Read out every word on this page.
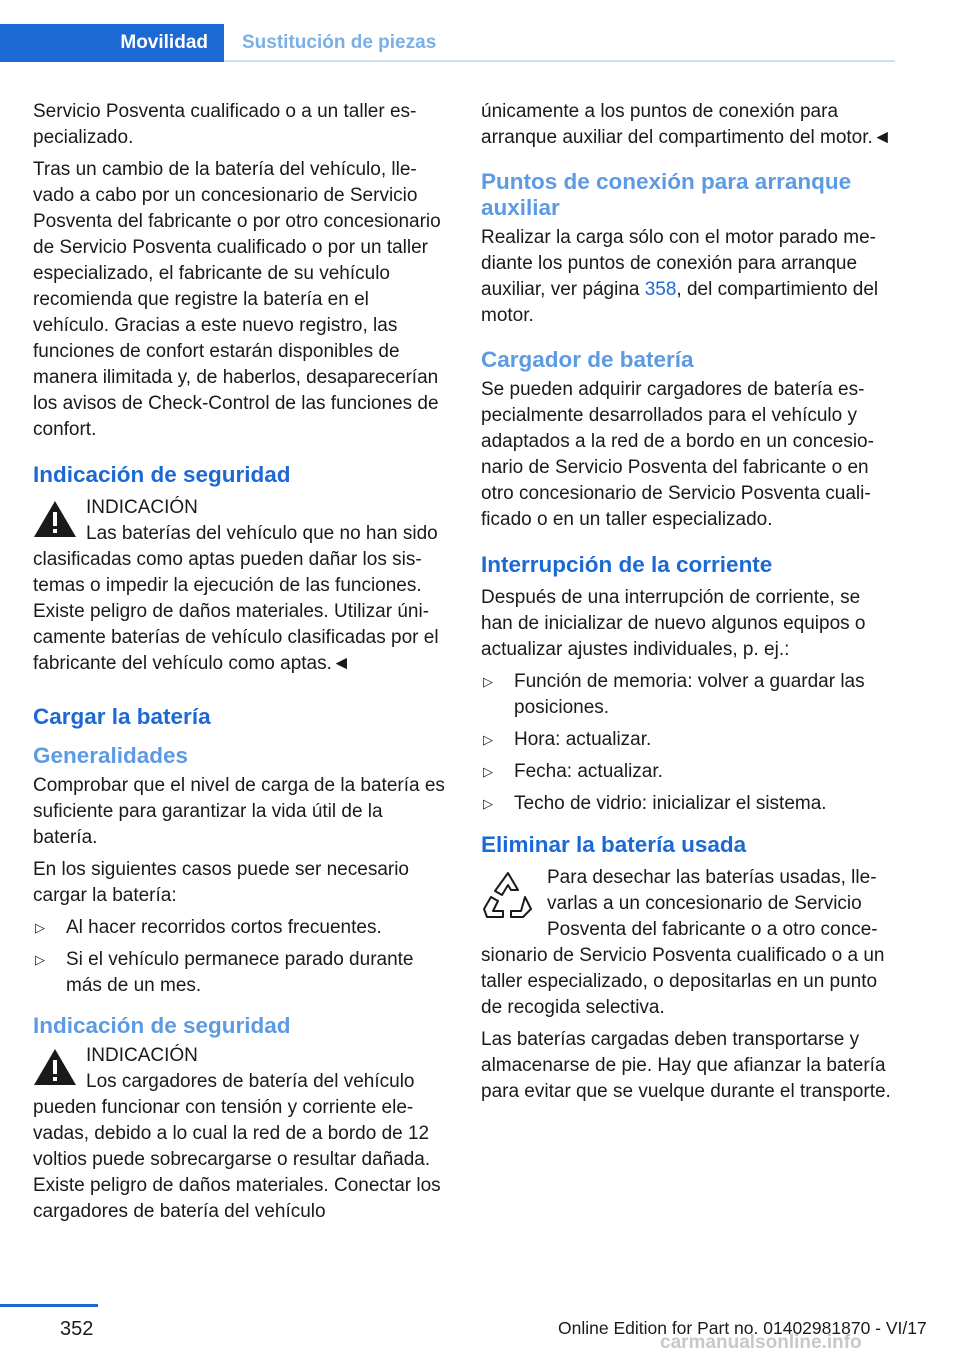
Movilidad	Sustitución de piezas

Servicio Posventa cualificado o a un taller especializado.

Tras un cambio de la batería del vehículo, llevado a cabo por un concesionario de Servicio Posventa del fabricante o por otro concesionario de Servicio Posventa cualificado o por un taller especializado, el fabricante de su vehículo recomienda que registre la batería en el vehículo. Gracias a este nuevo registro, las funciones de confort estarán disponibles de manera ilimitada y, de haberlos, desaparecerían los avisos de Check-Control de las funciones de confort.

Indicación de seguridad
INDICACIÓN
Las baterías del vehículo que no han sido clasificadas como aptas pueden dañar los sistemas o impedir la ejecución de las funciones. Existe peligro de daños materiales. Utilizar únicamente baterías de vehículo clasificadas por el fabricante del vehículo como aptas.◄
Cargar la batería
Generalidades

Comprobar que el nivel de carga de la batería es suficiente para garantizar la vida útil de la batería.

En los siguientes casos puede ser necesario cargar la batería:

▷ Al hacer recorridos cortos frecuentes.
▷ Si el vehículo permanece parado durante más de un mes.
Indicación de seguridad
INDICACIÓN
Los cargadores de batería del vehículo pueden funcionar con tensión y corriente elevadas, debido a lo cual la red de a bordo de 12 voltios puede sobrecargarse o resultar dañada. Existe peligro de daños materiales. Conectar los cargadores de batería del vehículo

únicamente a los puntos de conexión para arranque auxiliar del compartimento del motor.◄

Puntos de conexión para arranque auxiliar

Realizar la carga sólo con el motor parado mediante los puntos de conexión para arranque auxiliar, ver página 358, del compartimiento del motor.

Cargador de batería

Se pueden adquirir cargadores de batería especialmente desarrollados para el vehículo y adaptados a la red de a bordo en un concesionario de Servicio Posventa del fabricante o en otro concesionario de Servicio Posventa cualificado o en un taller especializado.

Interrupción de la corriente

Después de una interrupción de corriente, se han de inicializar de nuevo algunos equipos o actualizar ajustes individuales, p. ej.:

▷ Función de memoria: volver a guardar las posiciones.
▷ Hora: actualizar.
▷ Fecha: actualizar.
▷ Techo de vidrio: inicializar el sistema.
Eliminar la batería usada

Para desechar las baterías usadas, llevarlas a un concesionario de Servicio Posventa del fabricante o a otro concesionario de Servicio Posventa cualificado o a un taller especializado, o depositarlas en un punto de recogida selectiva.

Las baterías cargadas deben transportarse y almacenarse de pie. Hay que afianzar la batería para evitar que se vuelque durante el transporte.

352	Online Edition for Part no. 01402981870 - VI/17
carmanualsonline.info
